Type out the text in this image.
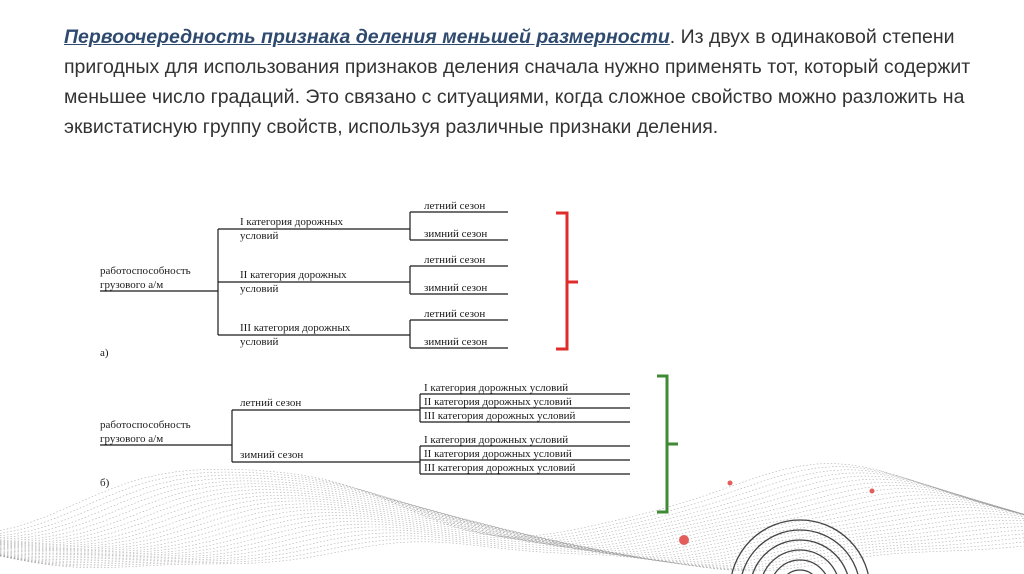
Первоочередность признака деления меньшей размерности. Из двух в одинаковой степени пригодных для использования признаков деления сначала нужно применять тот, который содержит меньшее число градаций. Это связано с ситуациями, когда сложное свойство можно разложить на эквистатисную группу свойств, используя различные признаки деления.
работоспособность
грузового а/м
I категория дорожных
условий
II категория дорожных
условий
III категория дорожных
условий
летний сезон
зимний сезон
летний сезон
зимний сезон
летний сезон
зимний сезон
а)
работоспособность
грузового а/м
летний сезон
зимний сезон
I категория дорожных условий
II категория дорожных условий
III категория дорожных условий
I категория дорожных условий
II категория дорожных условий
III категория дорожных условий
б)
